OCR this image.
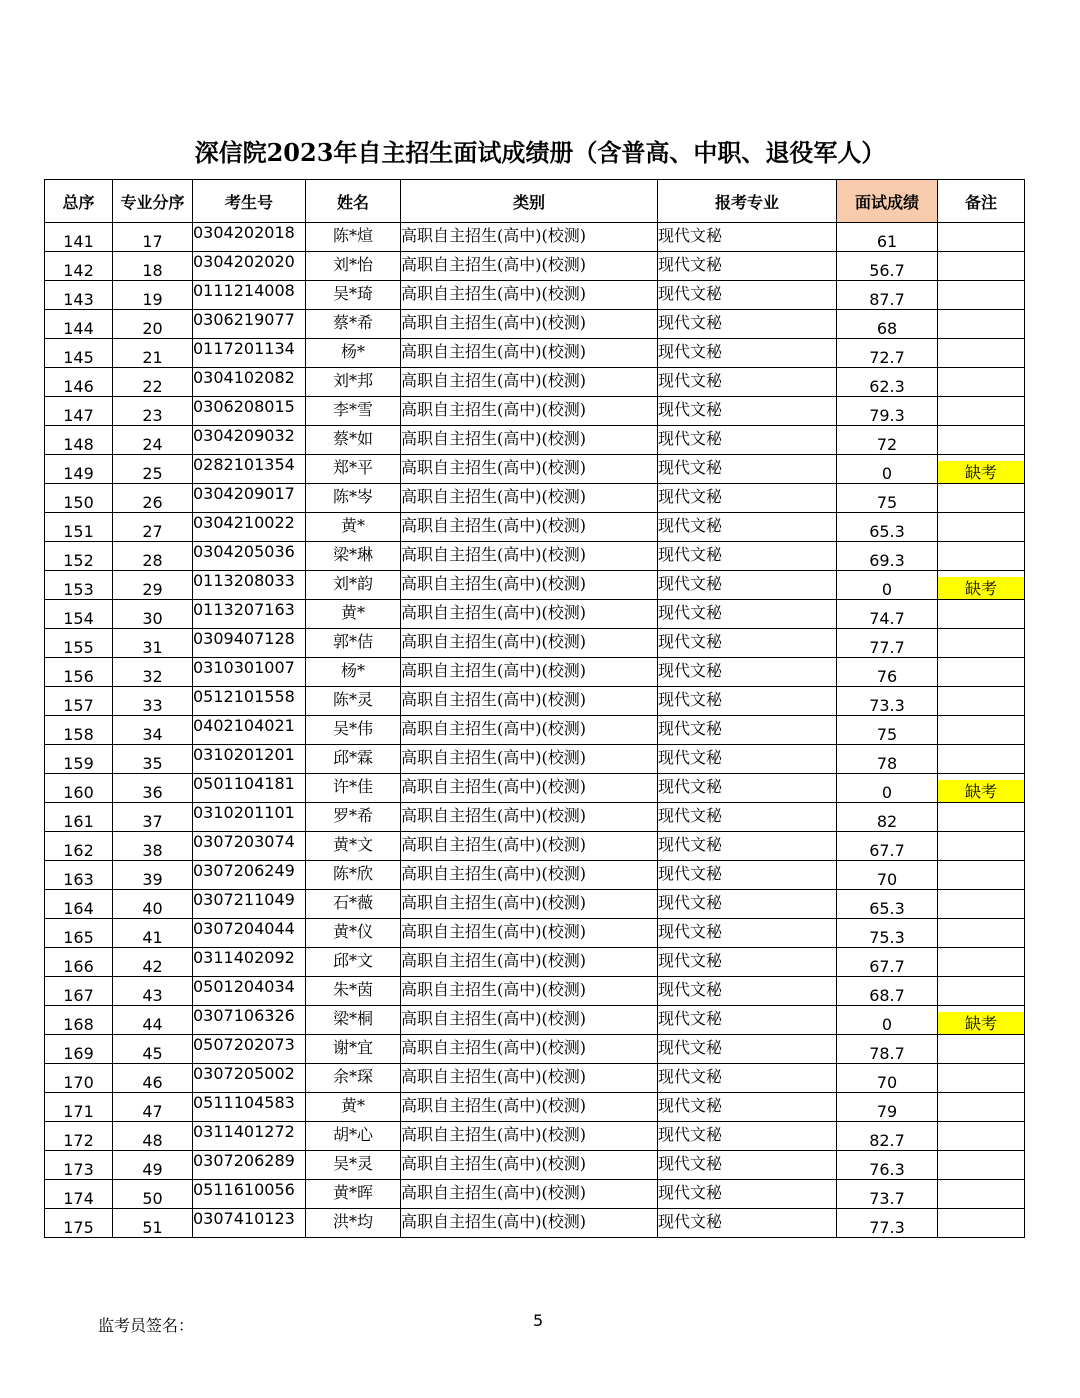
深信院2023年自主招生面试成绩册（含普高、中职、退役军人）
总序	专业分序	考生号	姓名	类别	报考专业	面试成绩	备注
141	17	0304202018	陈*煊	高职自主招生(高中)(校测)	现代文秘	61	
142	18	0304202020	刘*怡	高职自主招生(高中)(校测)	现代文秘	56.7	
143	19	0111214008	吴*琦	高职自主招生(高中)(校测)	现代文秘	87.7	
144	20	0306219077	蔡*希	高职自主招生(高中)(校测)	现代文秘	68	
145	21	0117201134	杨*	高职自主招生(高中)(校测)	现代文秘	72.7	
146	22	0304102082	刘*邦	高职自主招生(高中)(校测)	现代文秘	62.3	
147	23	0306208015	李*雪	高职自主招生(高中)(校测)	现代文秘	79.3	
148	24	0304209032	蔡*如	高职自主招生(高中)(校测)	现代文秘	72	
149	25	0282101354	郑*平	高职自主招生(高中)(校测)	现代文秘	0	缺考

150	26	0304209017	陈*岑	高职自主招生(高中)(校测)	现代文秘	75	
151	27	0304210022	黄*	高职自主招生(高中)(校测)	现代文秘	65.3	
152	28	0304205036	梁*琳	高职自主招生(高中)(校测)	现代文秘	69.3	
153	29	0113208033	刘*韵	高职自主招生(高中)(校测)	现代文秘	0	缺考

154	30	0113207163	黄*	高职自主招生(高中)(校测)	现代文秘	74.7	
155	31	0309407128	郭*佶	高职自主招生(高中)(校测)	现代文秘	77.7	
156	32	0310301007	杨*	高职自主招生(高中)(校测)	现代文秘	76	
157	33	0512101558	陈*灵	高职自主招生(高中)(校测)	现代文秘	73.3	
158	34	0402104021	吴*伟	高职自主招生(高中)(校测)	现代文秘	75	
159	35	0310201201	邱*霖	高职自主招生(高中)(校测)	现代文秘	78	
160	36	0501104181	许*佳	高职自主招生(高中)(校测)	现代文秘	0	缺考

161	37	0310201101	罗*希	高职自主招生(高中)(校测)	现代文秘	82	
162	38	0307203074	黄*文	高职自主招生(高中)(校测)	现代文秘	67.7	
163	39	0307206249	陈*欣	高职自主招生(高中)(校测)	现代文秘	70	
164	40	0307211049	石*薇	高职自主招生(高中)(校测)	现代文秘	65.3	
165	41	0307204044	黄*仪	高职自主招生(高中)(校测)	现代文秘	75.3	
166	42	0311402092	邱*文	高职自主招生(高中)(校测)	现代文秘	67.7	
167	43	0501204034	朱*茵	高职自主招生(高中)(校测)	现代文秘	68.7	
168	44	0307106326	梁*桐	高职自主招生(高中)(校测)	现代文秘	0	缺考

169	45	0507202073	谢*宜	高职自主招生(高中)(校测)	现代文秘	78.7	
170	46	0307205002	余*琛	高职自主招生(高中)(校测)	现代文秘	70	
171	47	0511104583	黄*	高职自主招生(高中)(校测)	现代文秘	79	
172	48	0311401272	胡*心	高职自主招生(高中)(校测)	现代文秘	82.7	
173	49	0307206289	吴*灵	高职自主招生(高中)(校测)	现代文秘	76.3	
174	50	0511610056	黄*晖	高职自主招生(高中)(校测)	现代文秘	73.7	
175	51	0307410123	洪*均	高职自主招生(高中)(校测)	现代文秘	77.3	
监考员签名：	5
